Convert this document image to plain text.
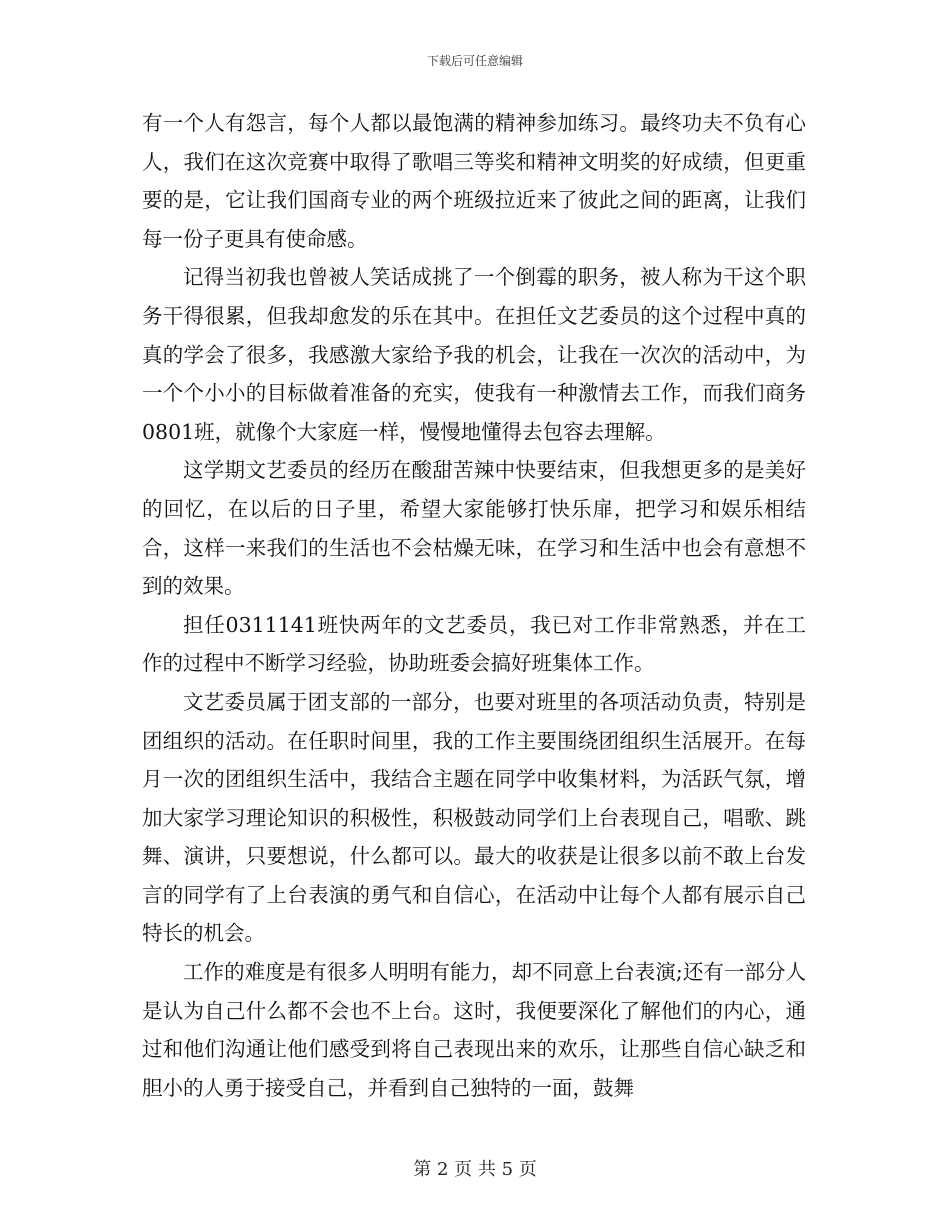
下载后可任意编辑

有一个人有怨言，每个人都以最饱满的精神参加练习。最终功夫不负有心人，我们在这次竞赛中取得了歌唱三等奖和精神文明奖的好成绩，但更重要的是，它让我们国商专业的两个班级拉近来了彼此之间的距离，让我们每一份子更具有使命感。

记得当初我也曾被人笑话成挑了一个倒霉的职务，被人称为干这个职务干得很累，但我却愈发的乐在其中。在担任文艺委员的这个过程中真的真的学会了很多，我感激大家给予我的机会，让我在一次次的活动中，为一个个小小的目标做着准备的充实，使我有一种激情去工作，而我们商务0801班，就像个大家庭一样，慢慢地懂得去包容去理解。

这学期文艺委员的经历在酸甜苦辣中快要结束，但我想更多的是美好的回忆，在以后的日子里，希望大家能够打快乐扉，把学习和娱乐相结合，这样一来我们的生活也不会枯燥无味，在学习和生活中也会有意想不到的效果。

担任0311141班快两年的文艺委员，我已对工作非常熟悉，并在工作的过程中不断学习经验，协助班委会搞好班集体工作。

文艺委员属于团支部的一部分，也要对班里的各项活动负责，特别是团组织的活动。在任职时间里，我的工作主要围绕团组织生活展开。在每月一次的团组织生活中，我结合主题在同学中收集材料，为活跃气氛，增加大家学习理论知识的积极性，积极鼓动同学们上台表现自己，唱歌、跳舞、演讲，只要想说，什么都可以。最大的收获是让很多以前不敢上台发言的同学有了上台表演的勇气和自信心，在活动中让每个人都有展示自己特长的机会。

工作的难度是有很多人明明有能力，却不同意上台表演;还有一部分人是认为自己什么都不会也不上台。这时，我便要深化了解他们的内心，通过和他们沟通让他们感受到将自己表现出来的欢乐，让那些自信心缺乏和胆小的人勇于接受自己，并看到自己独特的一面，鼓舞

第 2 页 共 5 页
